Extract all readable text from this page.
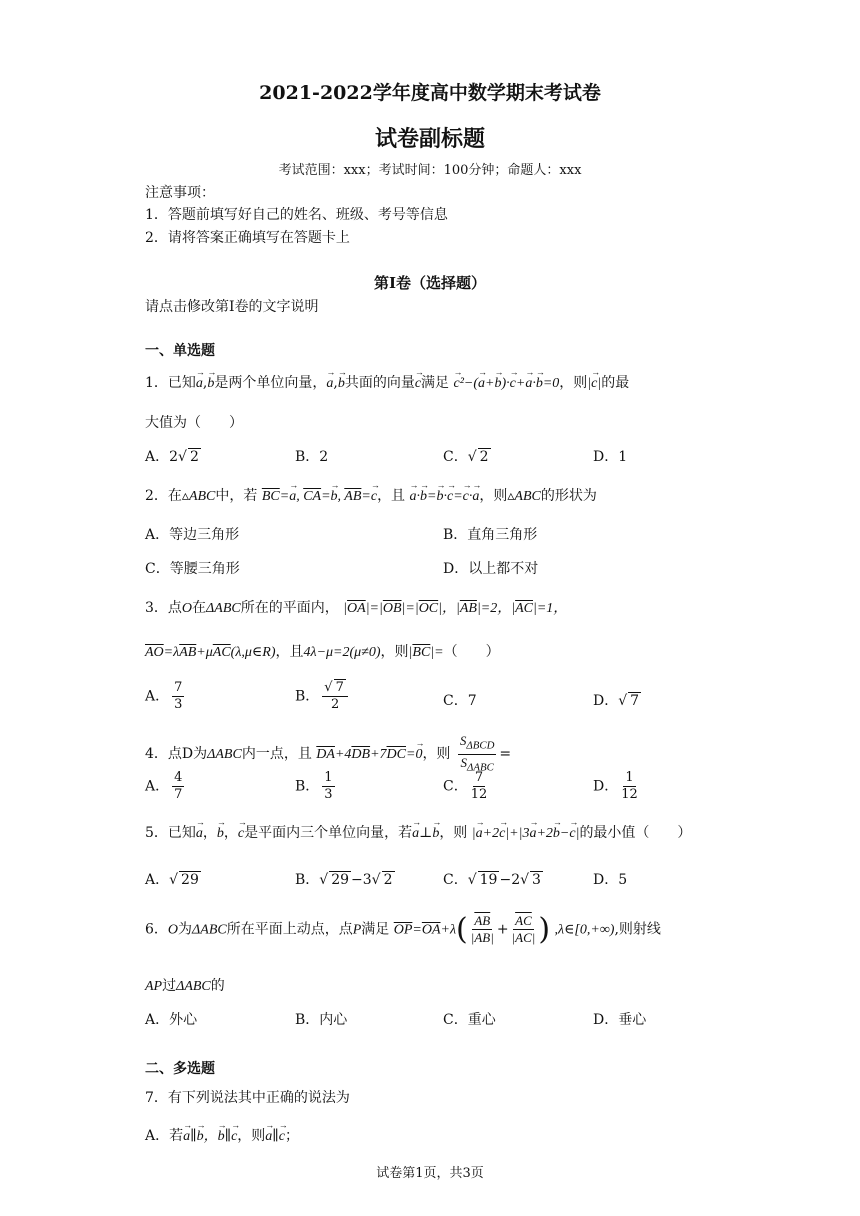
2021-2022学年度高中数学期末考试卷
试卷副标题
考试范围：xxx；考试时间：100分钟；命题人：xxx
注意事项：
1．答题前填写好自己的姓名、班级、考号等信息
2．请将答案正确填写在答题卡上
第I卷（选择题）
请点击修改第I卷的文字说明
一、单选题
1．已知→ a,→ b是两个单位向量，→ a,→ b共面的向量→ c满足 → c²−(→ a+→ b)·→ c+→ a·→ b=0，则|→ c|的最
大值为（　　）
A．2√ 2	B．2	C．√ 2	D．1
2．在▵ABC中，若 $\overline{BC}=\to a$, $\overline{CA}=\to b$, $\overline{AB}=\to c$，且 → a·→ b=→ b·→ c=→ c·→ a，则▵ABC的形状为
A．等边三角形	B．直角三角形
C．等腰三角形	D．以上都不对
3．点O在ΔABC所在的平面内， $|\overline{OA}|=|\overline{OB}|=|\overline{OC}|$，$|\overline{AB}|=2$，$|\overline{AC}|=1$，
$\overline{AO}=\lambda\overline{AB}+\mu\overline{AC}(\lambda,\mu\in R)$，且4λ−μ=2(μ≠0)，则$|\overline{BC}|=$（　　）
A． $\frac{7}{3}$	B． $\frac{√ 7}{2}$	C．7	D．√ 7
4．点D为ΔABC内一点，且 $\overline{DA}+4\overline{DB}+7\overline{DC}=\to 0$，则 $\frac{S_{\Delta BCD}}{S_{\Delta ABC}}$ =
A． $\frac{4}{7}$	B． $\frac{1}{3}$	C． $\frac{7}{12}$	D． $\frac{1}{12}$
5．已知→ a，→ b，→ c是平面内三个单位向量，若→ a⊥→ b，则 |→ a+2→ c|+|3→ a+2→ b−→ c|的最小值（　　）
A．√ 29	B．√ 29 −3√ 2	C．√ 19 −2√ 3	D．5
6．O为ΔABC所在平面上动点，点P满足 $\overline{OP}=\overline{OA}+\lambda( \frac{\overline{AB}}{|\overline{AB}|} + \frac{\overline{AC}}{|\overline{AC}|}$ ) ,λ∈[0,+∞),则射线
AP过ΔABC的
A．外心	B．内心	C．重心	D．垂心
二、多选题
7．有下列说法其中正确的说法为
A．若→ a∥→ b，→ b∥→ c，则→ a∥→ c；
试卷第1页，共3页
